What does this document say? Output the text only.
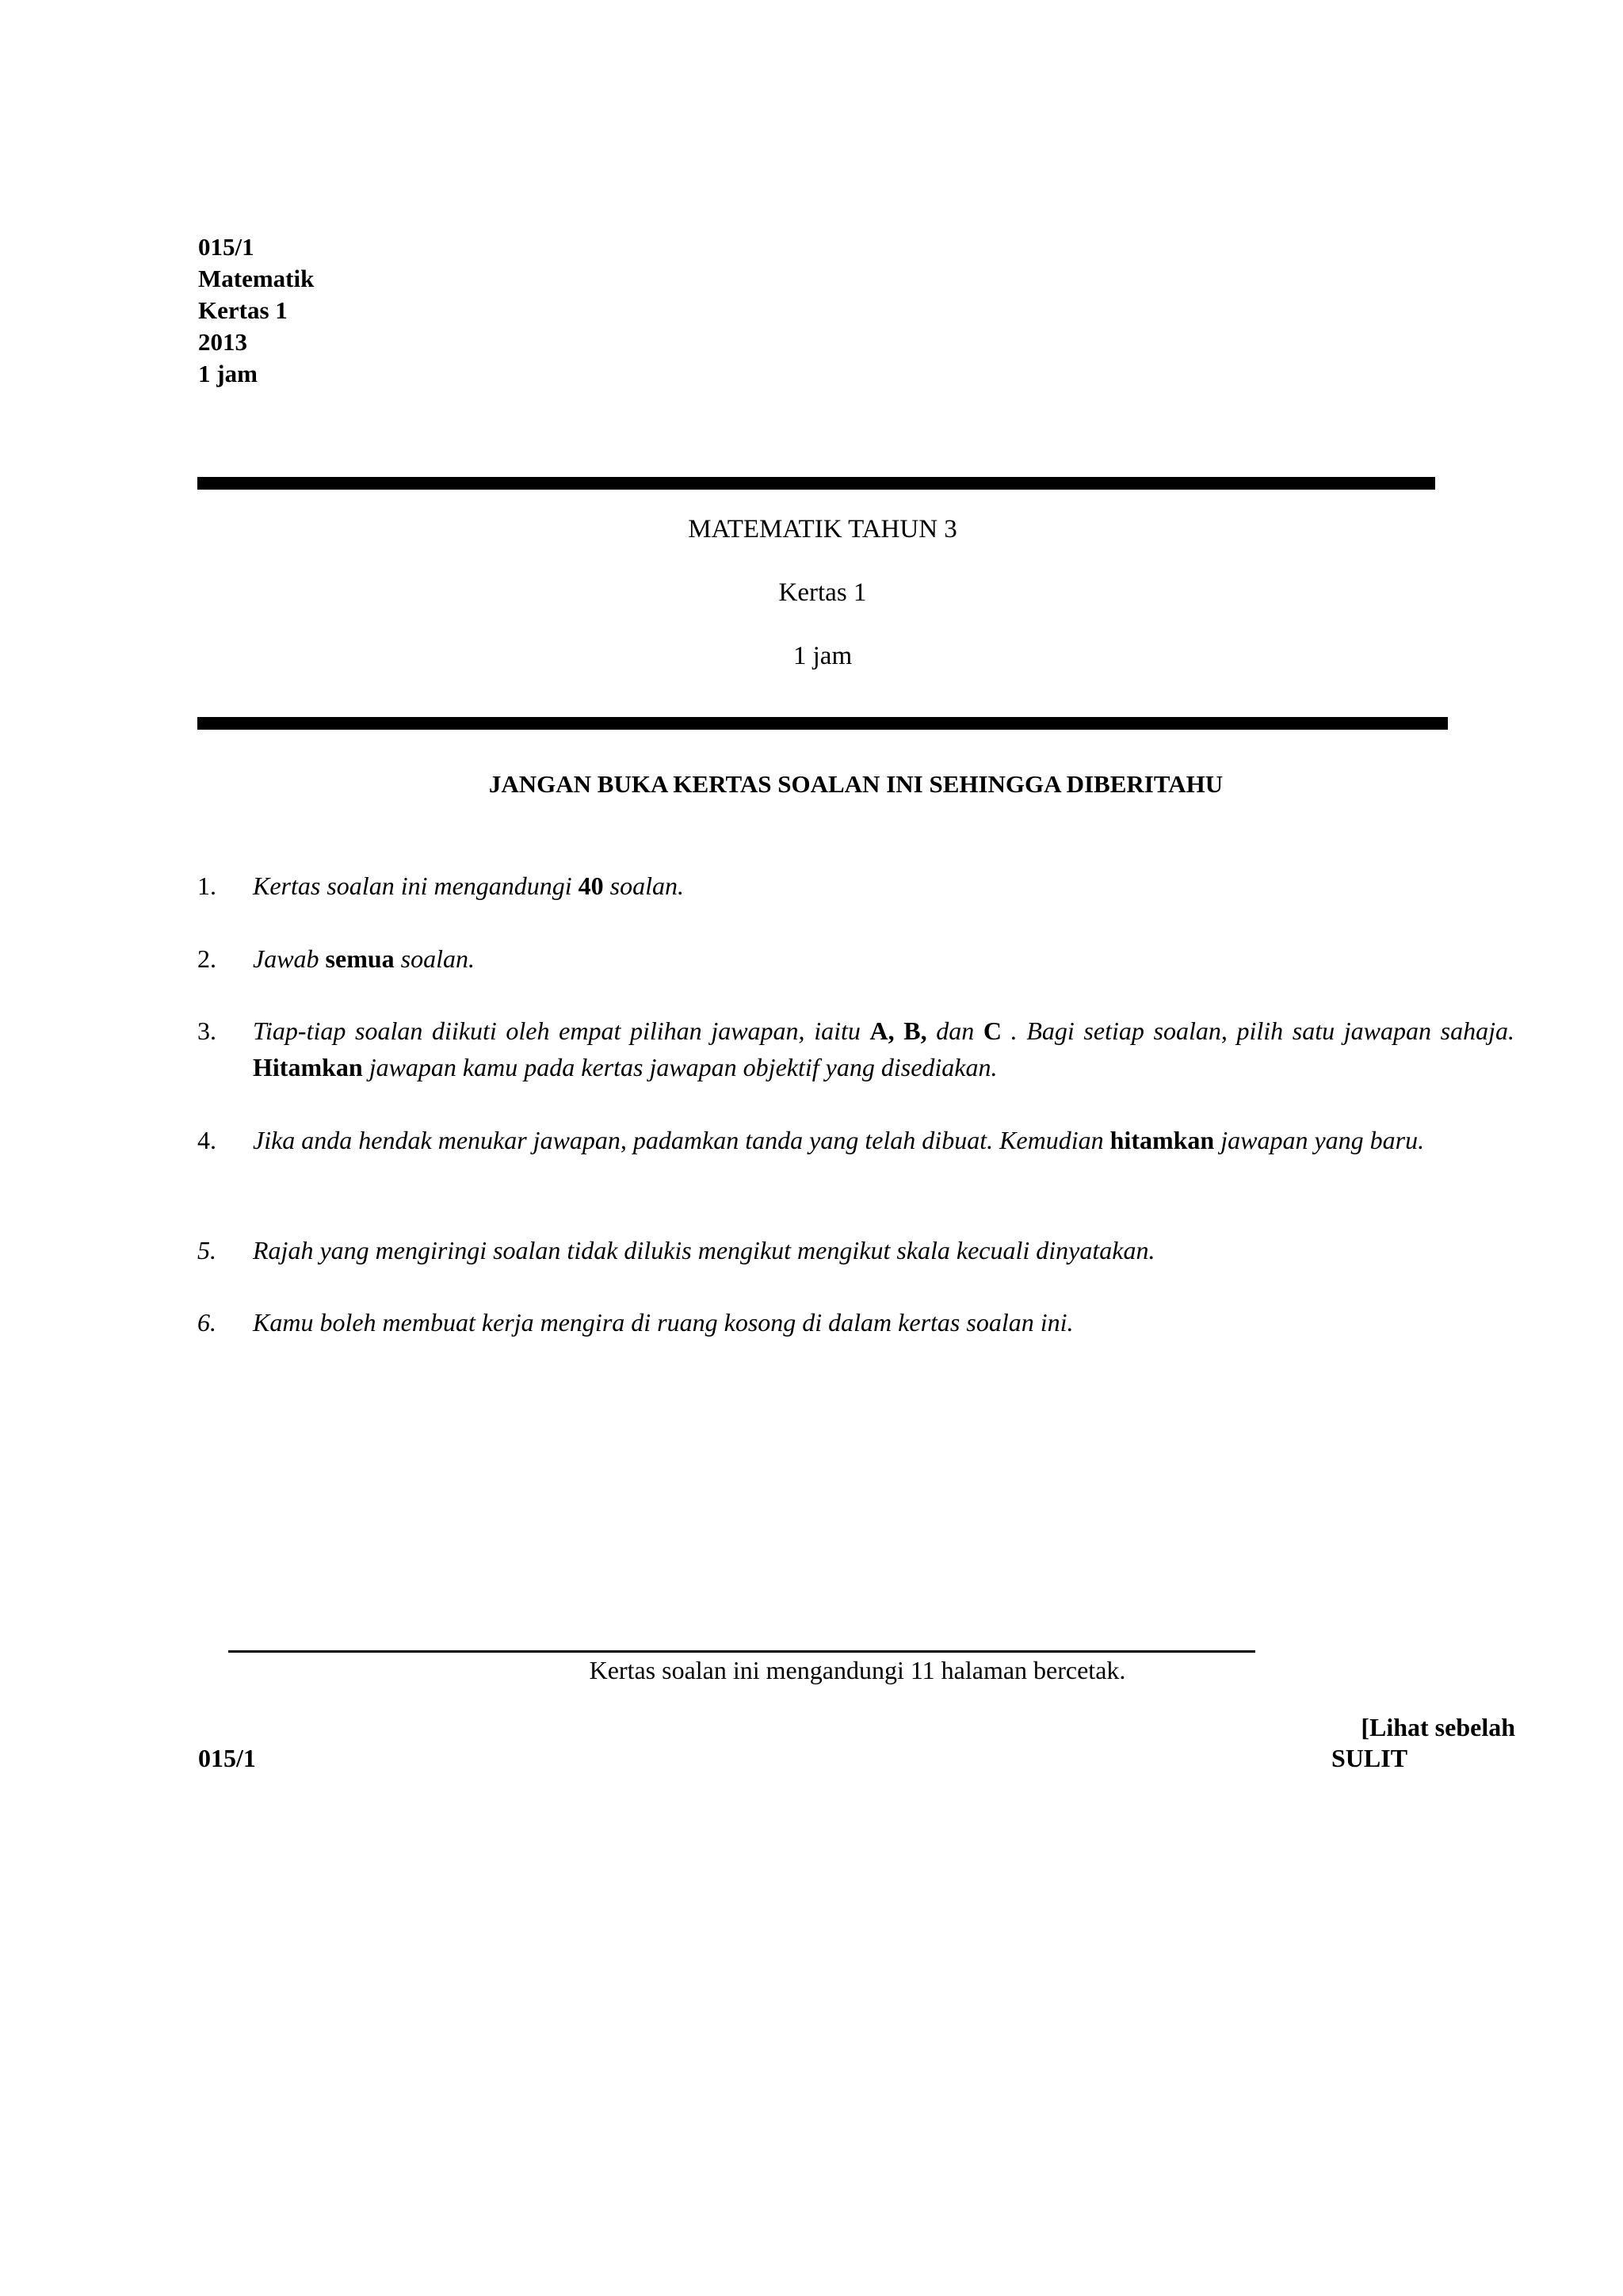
015/1
Matematik
Kertas 1
2013
1 jam
MATEMATIK TAHUN 3
Kertas 1
1 jam
JANGAN BUKA KERTAS SOALAN INI SEHINGGA DIBERITAHU
1. Kertas soalan ini mengandungi 40 soalan.
2. Jawab semua soalan.
3. Tiap-tiap soalan diikuti oleh empat pilihan jawapan, iaitu A, B, dan C . Bagi setiap soalan, pilih satu jawapan sahaja. Hitamkan jawapan kamu pada kertas jawapan objektif yang disediakan.
4. Jika anda hendak menukar jawapan, padamkan tanda yang telah dibuat. Kemudian hitamkan jawapan yang baru.
5. Rajah yang mengiringi soalan tidak dilukis mengikut mengikut skala kecuali dinyatakan.
6. Kamu boleh membuat kerja mengira di ruang kosong di dalam kertas soalan ini.
Kertas soalan ini mengandungi 11 halaman bercetak.
[Lihat sebelah
015/1	SULIT
